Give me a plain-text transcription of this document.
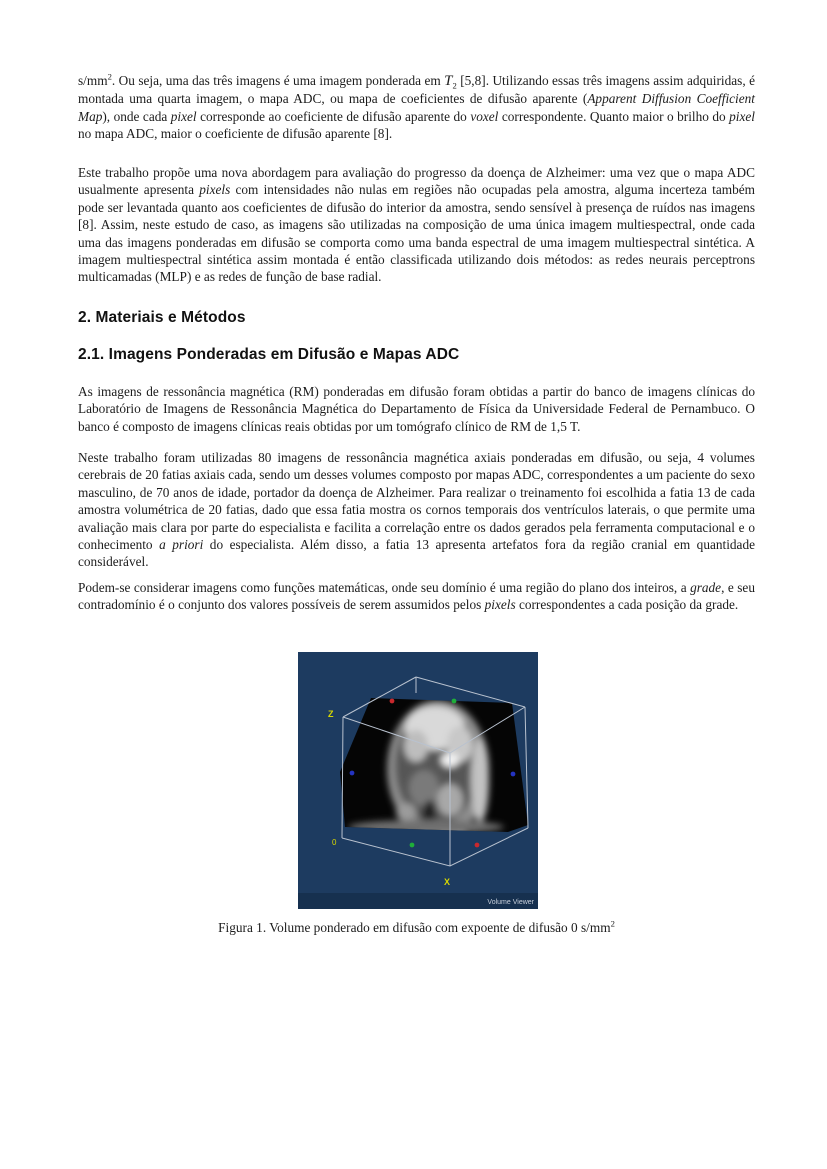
$s/mm^2$. Ou seja, uma das três imagens é uma imagem ponderada em $T_2$ [5,8]. Utilizando essas três imagens assim adquiridas, é montada uma quarta imagem, o mapa ADC, ou mapa de coeficientes de difusão aparente (Apparent Diffusion Coefficient Map), onde cada pixel corresponde ao coeficiente de difusão aparente do voxel correspondente. Quanto maior o brilho do pixel no mapa ADC, maior o coeficiente de difusão aparente [8].

Este trabalho propõe uma nova abordagem para avaliação do progresso da doença de Alzheimer: uma vez que o mapa ADC usualmente apresenta pixels com intensidades não nulas em regiões não ocupadas pela amostra, alguma incerteza também pode ser levantada quanto aos coeficientes de difusão do interior da amostra, sendo sensível à presença de ruídos nas imagens [8]. Assim, neste estudo de caso, as imagens são utilizadas na composição de uma única imagem multiespectral, onde cada uma das imagens ponderadas em difusão se comporta como uma banda espectral de uma imagem multiespectral sintética. A imagem multiespectral sintética assim montada é então classificada utilizando dois métodos: as redes neurais perceptrons multicamadas (MLP) e as redes de função de base radial.

2. Materiais e Métodos
2.1. Imagens Ponderadas em Difusão e Mapas ADC

As imagens de ressonância magnética (RM) ponderadas em difusão foram obtidas a partir do banco de imagens clínicas do Laboratório de Imagens de Ressonância Magnética do Departamento de Física da Universidade Federal de Pernambuco. O banco é composto de imagens clínicas reais obtidas por um tomógrafo clínico de RM de 1,5 T.

Neste trabalho foram utilizadas 80 imagens de ressonância magnética axiais ponderadas em difusão, ou seja, 4 volumes cerebrais de 20 fatias axiais cada, sendo um desses volumes composto por mapas ADC, correspondentes a um paciente do sexo masculino, de 70 anos de idade, portador da doença de Alzheimer. Para realizar o treinamento foi escolhida a fatia 13 de cada amostra volumétrica de 20 fatias, dado que essa fatia mostra os cornos temporais dos ventrículos laterais, o que permite uma avaliação mais clara por parte do especialista e facilita a correlação entre os dados gerados pela ferramenta computacional e o conhecimento a priori do especialista. Além disso, a fatia 13 apresenta artefatos fora da região cranial em quantidade considerável.

Podem-se considerar imagens como funções matemáticas, onde seu domínio é uma região do plano dos inteiros, a grade, e seu contradomínio é o conjunto dos valores possíveis de serem assumidos pelos pixels correspondentes a cada posição da grade.

Z
X
0
Volume Viewer
Figura 1. Volume ponderado em difusão com expoente de difusão 0 $s/mm^2$
